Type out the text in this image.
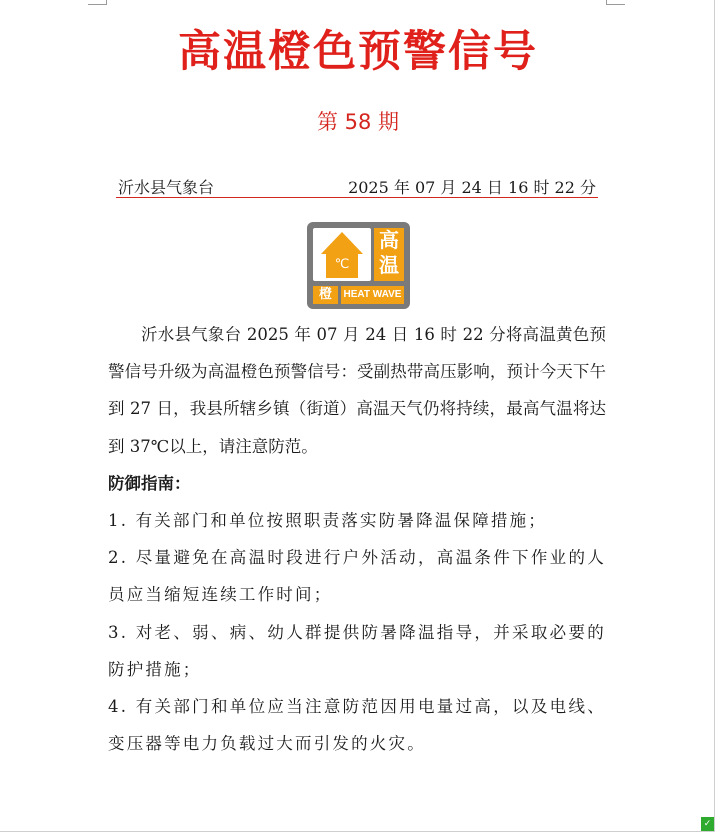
高温橙色预警信号
第 58 期
沂水县气象台	2025 年 07 月 24 日 16 时 22 分
℃
高
温
橙	HEAT WAVE

沂水县气象台 2025 年 07 月 24 日 16 时 22 分将高温黄色预警信号升级为高温橙色预警信号：受副热带高压影响，预计今天下午到 27 日，我县所辖乡镇（街道）高温天气仍将持续，最高气温将达到 37℃以上，请注意防范。

防御指南：

1. 有关部门和单位按照职责落实防暑降温保障措施；

2. 尽量避免在高温时段进行户外活动，高温条件下作业的人员应当缩短连续工作时间；

3. 对老、弱、病、幼人群提供防暑降温指导，并采取必要的防护措施；

4. 有关部门和单位应当注意防范因用电量过高，以及电线、变压器等电力负载过大而引发的火灾。

✓
